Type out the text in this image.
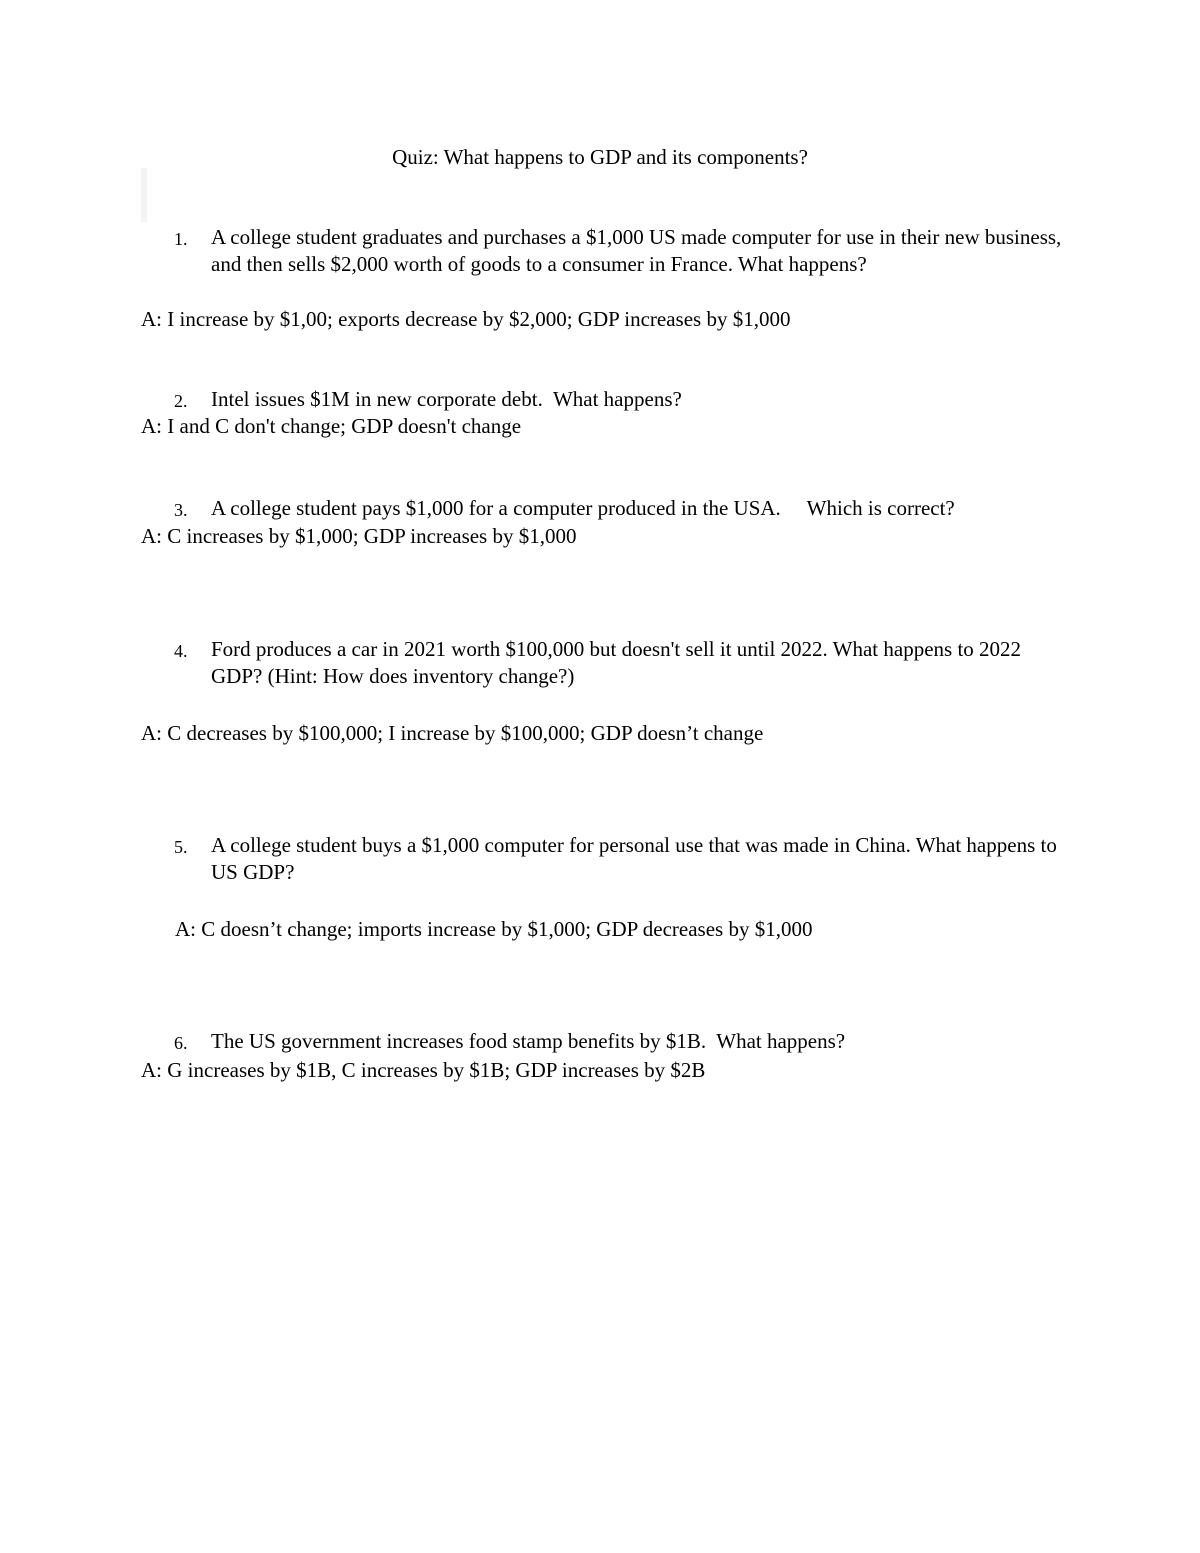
Quiz: What happens to GDP and its components?
1. A college student graduates and purchases a $1,000 US made computer for use in their new business, and then sells $2,000 worth of goods to a consumer in France. What happens?
A: I increase by $1,00; exports decrease by $2,000; GDP increases by $1,000
2. Intel issues $1M in new corporate debt.  What happens?
A: I and C don't change; GDP doesn't change
3. A college student pays $1,000 for a computer produced in the USA.     Which is correct?
A: C increases by $1,000; GDP increases by $1,000
4. Ford produces a car in 2021 worth $100,000 but doesn't sell it until 2022. What happens to 2022 GDP? (Hint: How does inventory change?)
A: C decreases by $100,000; I increase by $100,000; GDP doesn’t change
5. A college student buys a $1,000 computer for personal use that was made in China. What happens to US GDP?
A: C doesn’t change; imports increase by $1,000; GDP decreases by $1,000
6. The US government increases food stamp benefits by $1B.  What happens?
A: G increases by $1B, C increases by $1B; GDP increases by $2B
